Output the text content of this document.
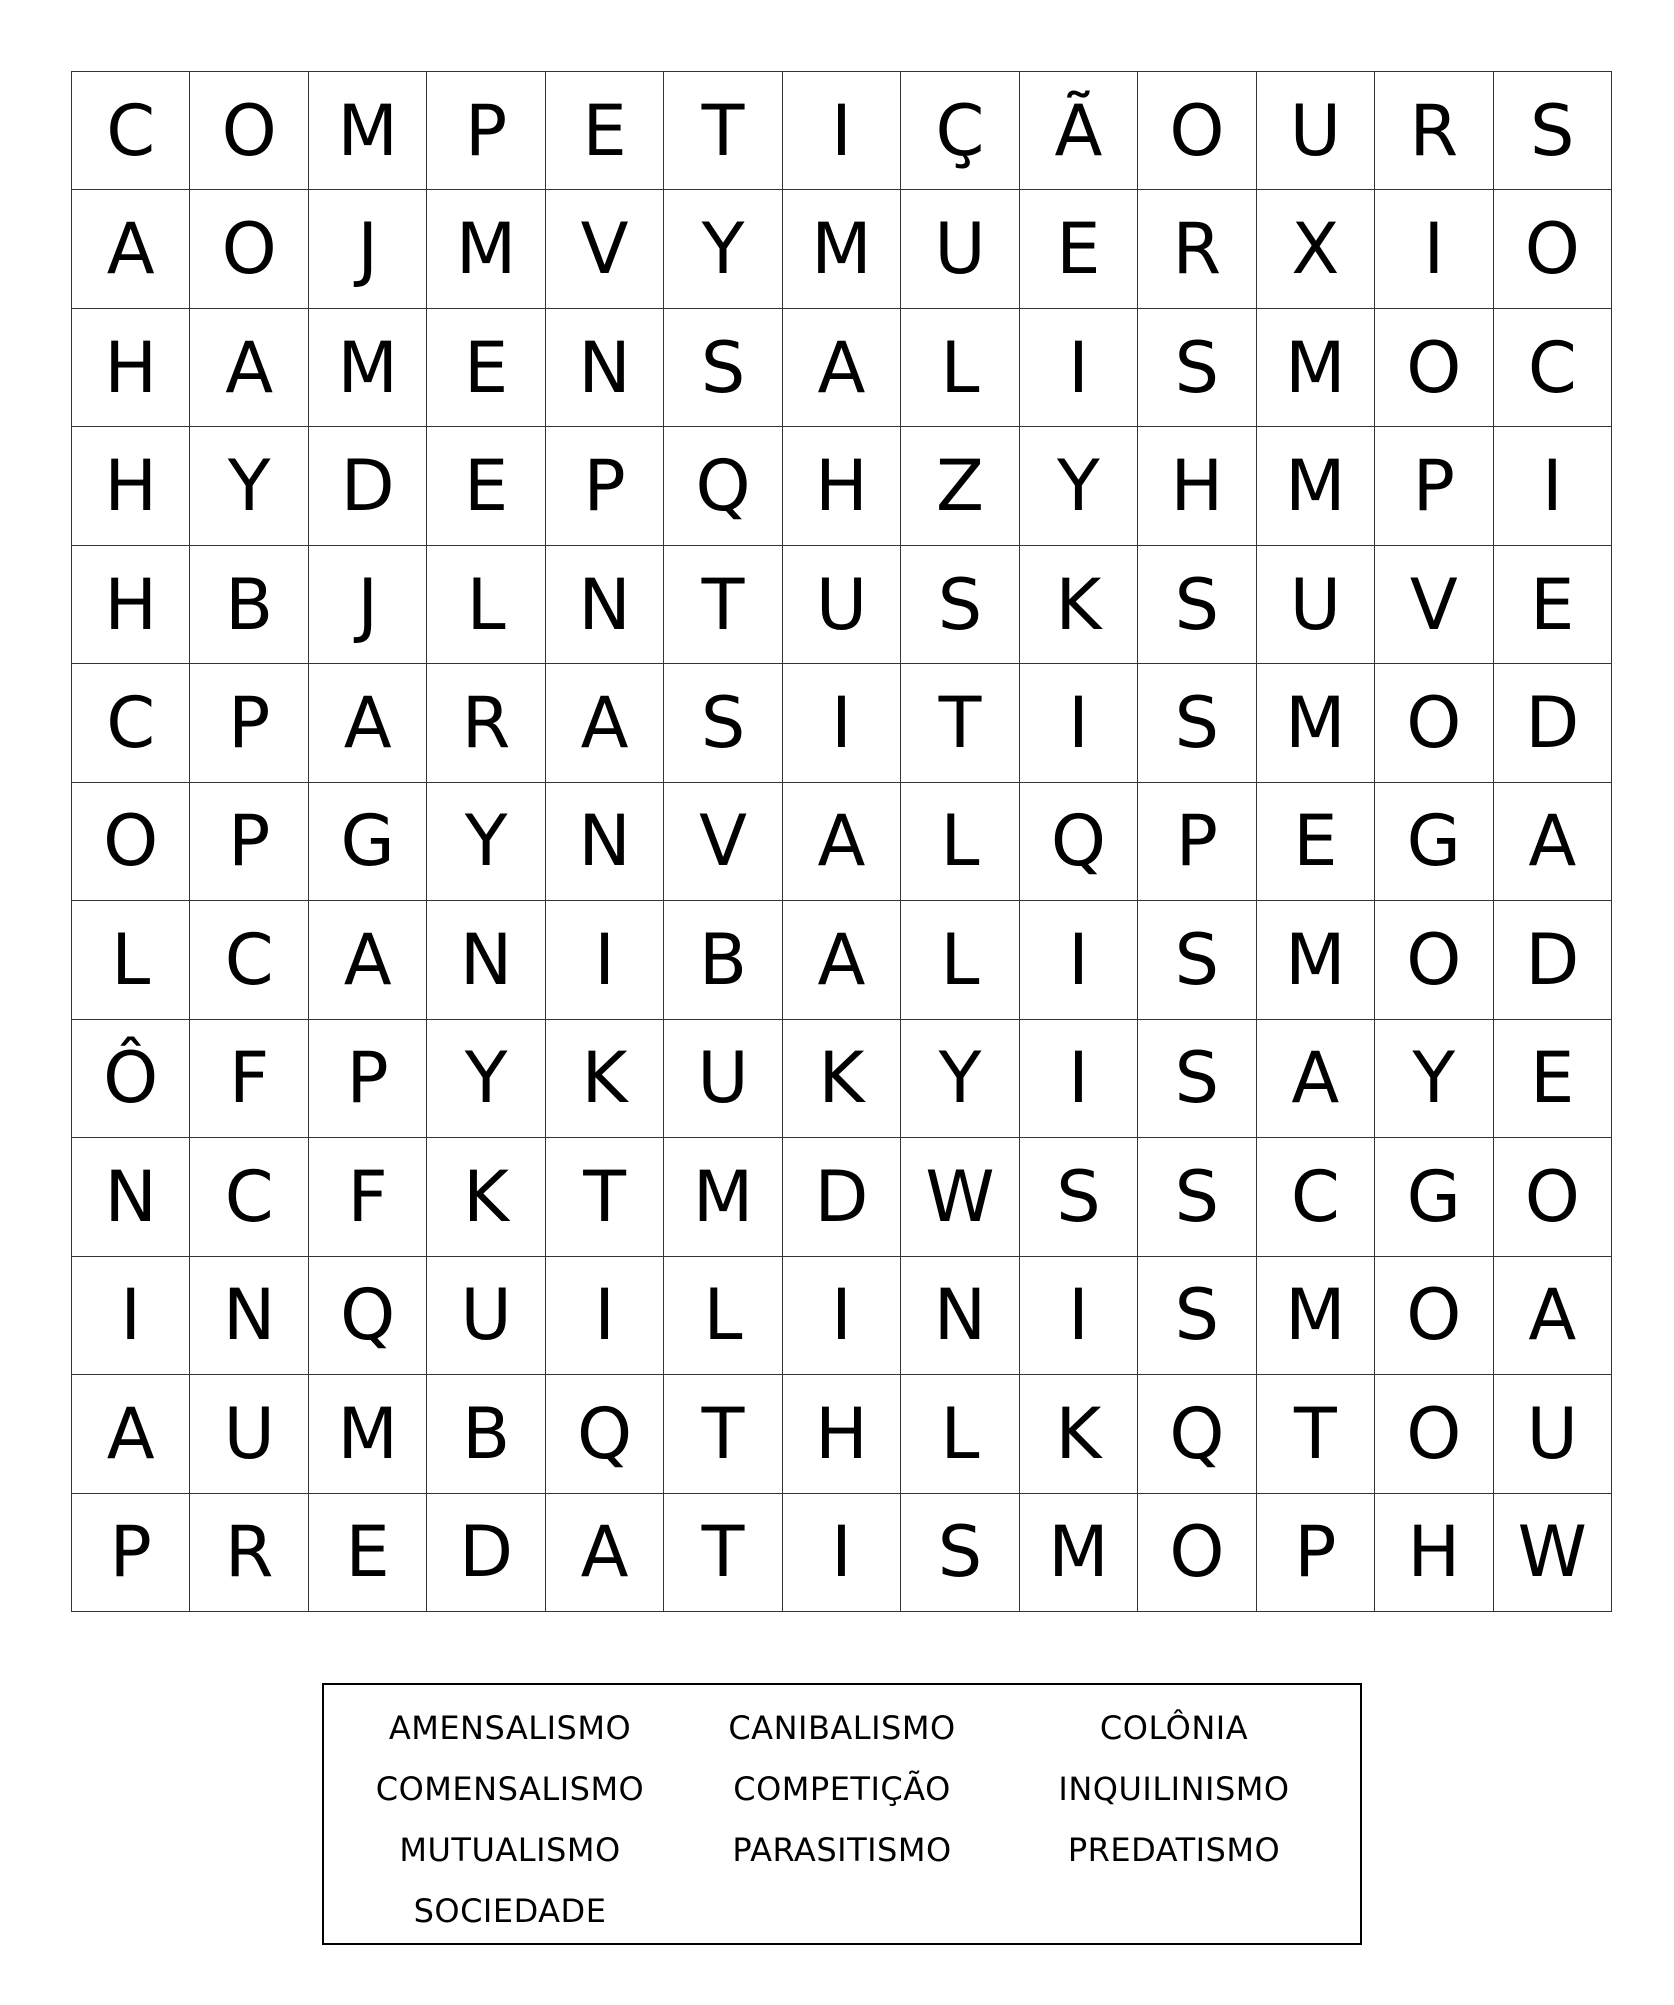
C O M P	E	T	I	Ç	Ã O U R	S
A O	J	M V	Y M U	E	R	X	I	O
H A M E	N	S	A	L	I	S M O C
H	Y	D E	P Q H Z	Y	H M P	I
H B	J	L	N	T	U	S	K	S	U V	E
C	P	A	R	A	S	I	T	I	S M O D
O P	G Y	N V	A	L	Q P	E G A
L	C	A N	I	B	A	L	I	S M O D
Ô	F	P	Y	K U K	Y	I	S	A	Y	E
N C	F	K	T M D W S	S	C G O
I	N Q U	I	L	I	N	I	S M O A
A U M B Q T	H	L	K Q T O U
P	R	E D A	T	I	S M O P	H W
AMENSALISMO	CANIBALISMO	COLÔNIA
COMENSALISMO	COMPETIÇÃO	INQUILINISMO
MUTUALISMO	PARASITISMO	PREDATISMO
SOCIEDADE
